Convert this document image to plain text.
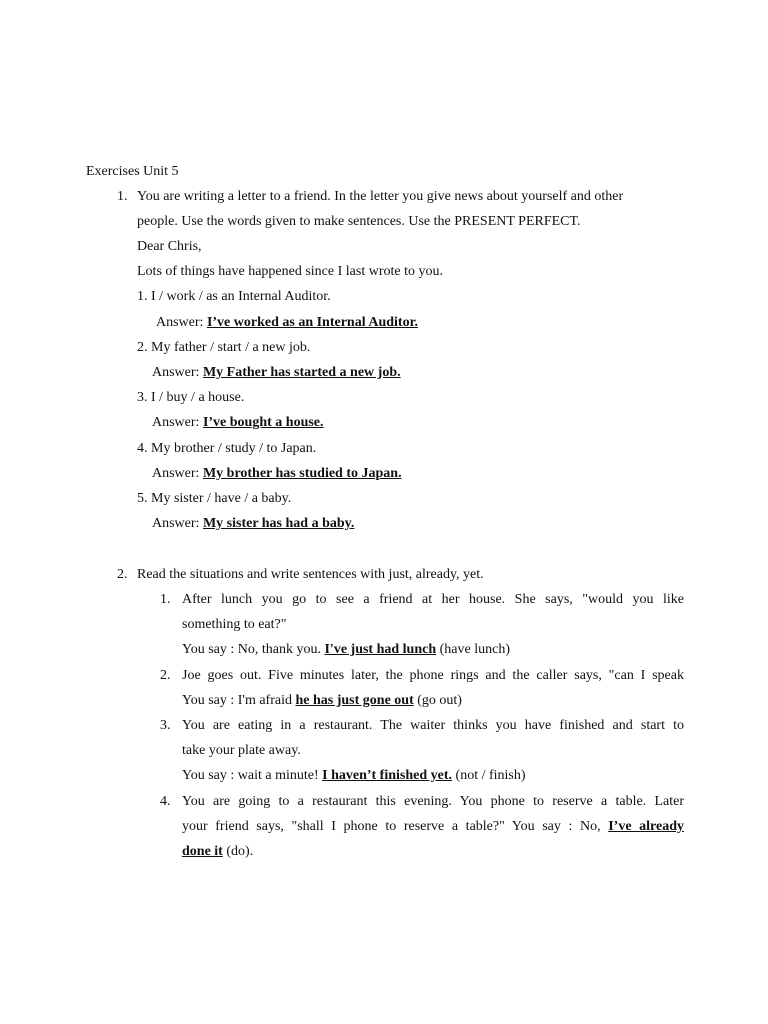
Exercises Unit 5
1. You are writing a letter to a friend. In the letter you give news about yourself and other
people. Use the words given to make sentences. Use the PRESENT PERFECT.
Dear Chris,
Lots of things have happened since I last wrote to you.
1. I / work / as an Internal Auditor.
Answer: I’ve worked as an Internal Auditor.
2. My father / start / a new job.
Answer: My Father has started a new job.
3. I / buy / a house.
Answer: I’ve bought a house.
4. My brother / study / to Japan.
Answer: My brother has studied to Japan.
5. My sister / have / a baby.
Answer: My sister has had a baby.
2. Read the situations and write sentences with just, already, yet.
1. After lunch you go to see a friend at her house. She says, "would you like
something to eat?"
You say : No, thank you. I've just had lunch (have lunch)
2. Joe goes out. Five minutes later, the phone rings and the caller says, "can I speak
You say : I'm afraid he has just gone out (go out)
3. You are eating in a restaurant. The waiter thinks you have finished and start to
take your plate away.
You say : wait a minute! I haven’t finished yet. (not / finish)
4. You are going to a restaurant this evening. You phone to reserve a table. Later
your friend says, "shall I phone to reserve a table?" You say : No, I’ve already
done it (do).
